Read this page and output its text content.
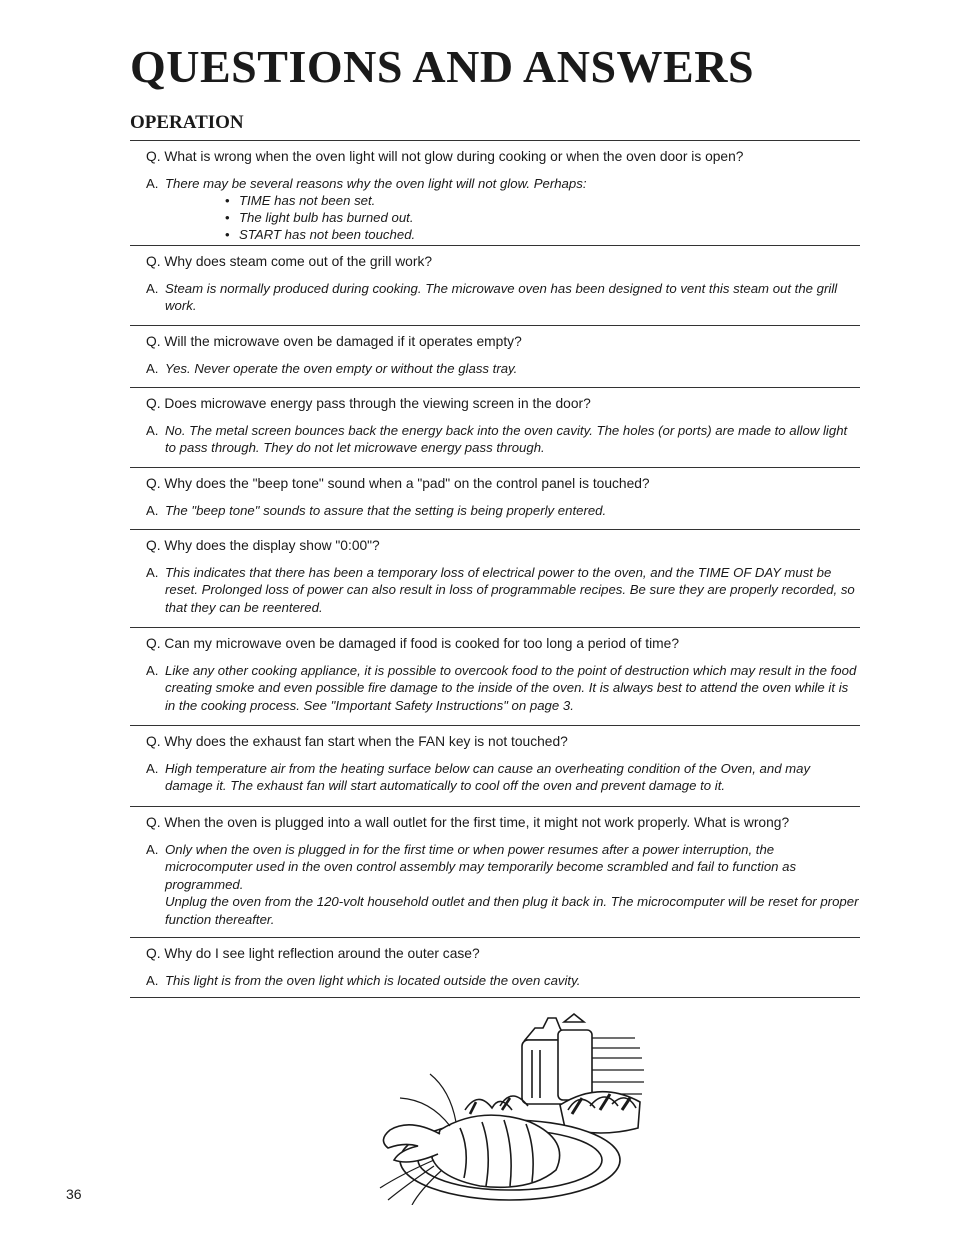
QUESTIONS AND ANSWERS
OPERATION

Q. What is wrong when the oven light will not glow during cooking or when the oven door is open?

A. There may be several reasons why the oven light will not glow. Perhaps:
• TIME has not been set.
• The light bulb has burned out.
• START has not been touched.

Q. Why does steam come out of the grill work?

A. Steam is normally produced during cooking. The microwave oven has been designed to vent this steam out the grill work.

Q. Will the microwave oven be damaged if it operates empty?

A. Yes. Never operate the oven empty or without the glass tray.

Q. Does microwave energy pass through the viewing screen in the door?

A. No. The metal screen bounces back the energy back into the oven cavity. The holes (or ports) are made to allow light to pass through. They do not let microwave energy pass through.

Q. Why does the "beep tone" sound when a "pad" on the control panel is touched?

A. The "beep tone" sounds to assure that the setting is being properly entered.

Q. Why does the display show "0:00"?

A. This indicates that there has been a temporary loss of electrical power to the oven, and the TIME OF DAY must be reset. Prolonged loss of power can also result in loss of programmable recipes. Be sure they are properly recorded, so that they can be reentered.

Q. Can my microwave oven be damaged if food is cooked for too long a period of time?

A. Like any other cooking appliance, it is possible to overcook food to the point of destruction which may result in the food creating smoke and even possible fire damage to the inside of the oven. It is always best to attend the oven while it is in the cooking process. See "Important Safety Instructions" on page 3.

Q. Why does the exhaust fan start when the FAN key is not touched?

A. High temperature air from the heating surface below can cause an overheating condition of the Oven, and may damage it. The exhaust fan will start automatically to cool off the oven and prevent damage to it.

Q. When the oven is plugged into a wall outlet for the first time, it might not work properly. What is wrong?

A. Only when the oven is plugged in for the first time or when power resumes after a power interruption, the microcomputer used in the oven control assembly may temporarily become scrambled and fail to function as programmed.

Unplug the oven from the 120-volt household outlet and then plug it back in. The microcomputer will be reset for proper function thereafter.

Q. Why do I see light reflection around the outer case?

A. This light is from the oven light which is located outside the oven cavity.

36
